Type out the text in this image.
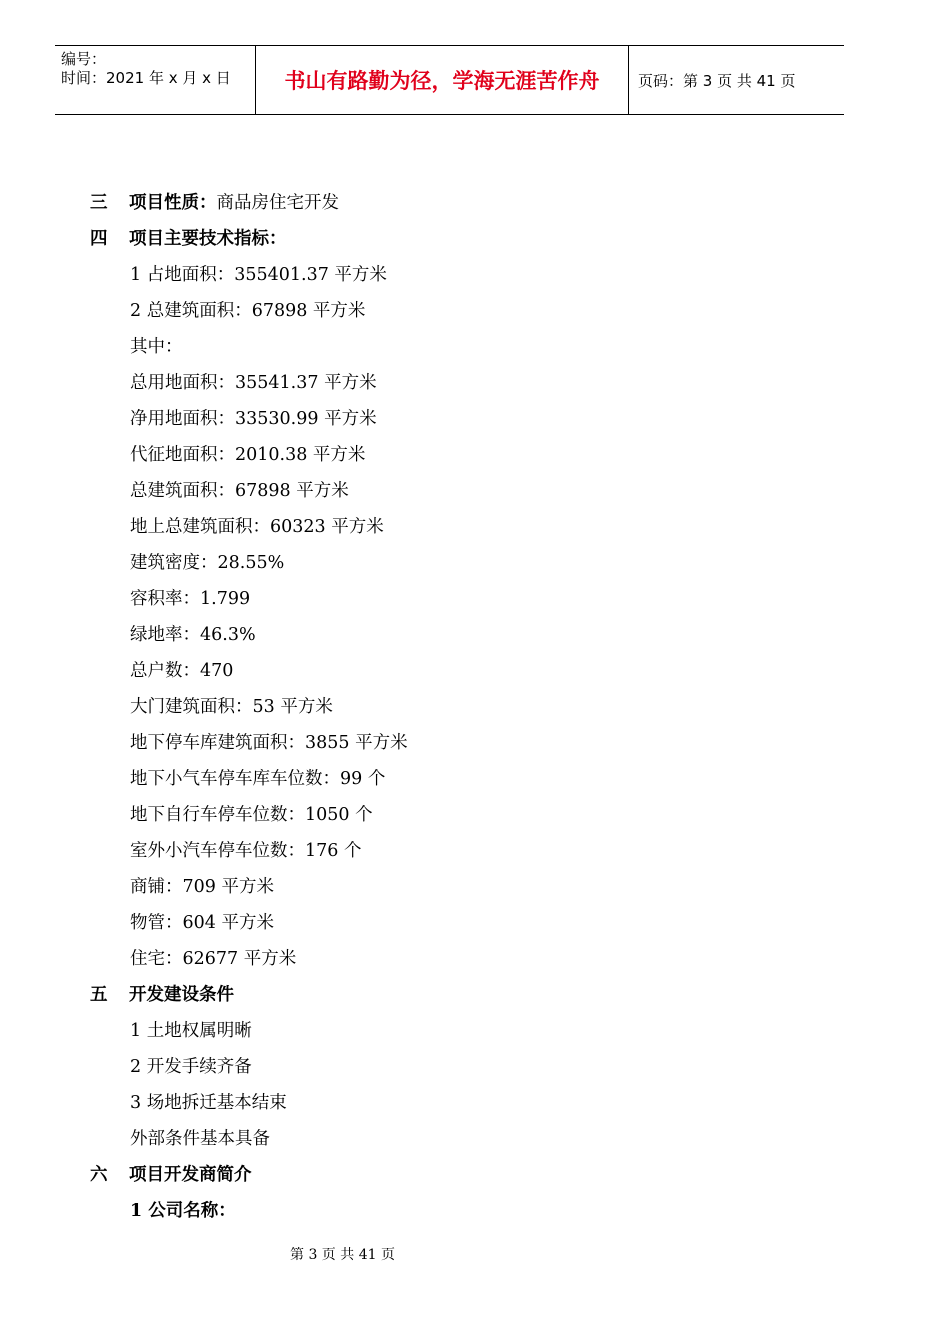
编号：
时间：2021 年 x 月 x 日	书山有路勤为径，学海无涯苦作舟	页码：第 3 页 共 41 页
三 项目性质：商品房住宅开发
四 项目主要技术指标：
1 占地面积：355401.37 平方米
2 总建筑面积：67898 平方米
其中：
总用地面积：35541.37 平方米
净用地面积：33530.99 平方米
代征地面积：2010.38 平方米
总建筑面积：67898 平方米
地上总建筑面积：60323 平方米
建筑密度：28.55%
容积率：1.799
绿地率：46.3%
总户数：470
大门建筑面积：53 平方米
地下停车库建筑面积：3855 平方米
地下小气车停车库车位数：99 个
地下自行车停车位数：1050 个
室外小汽车停车位数：176 个
商铺：709 平方米
物管：604 平方米
住宅：62677 平方米
五 开发建设条件
1 土地权属明晰
2 开发手续齐备
3 场地拆迁基本结束
外部条件基本具备
六 项目开发商简介
1 公司名称：
第 3 页 共 41 页
